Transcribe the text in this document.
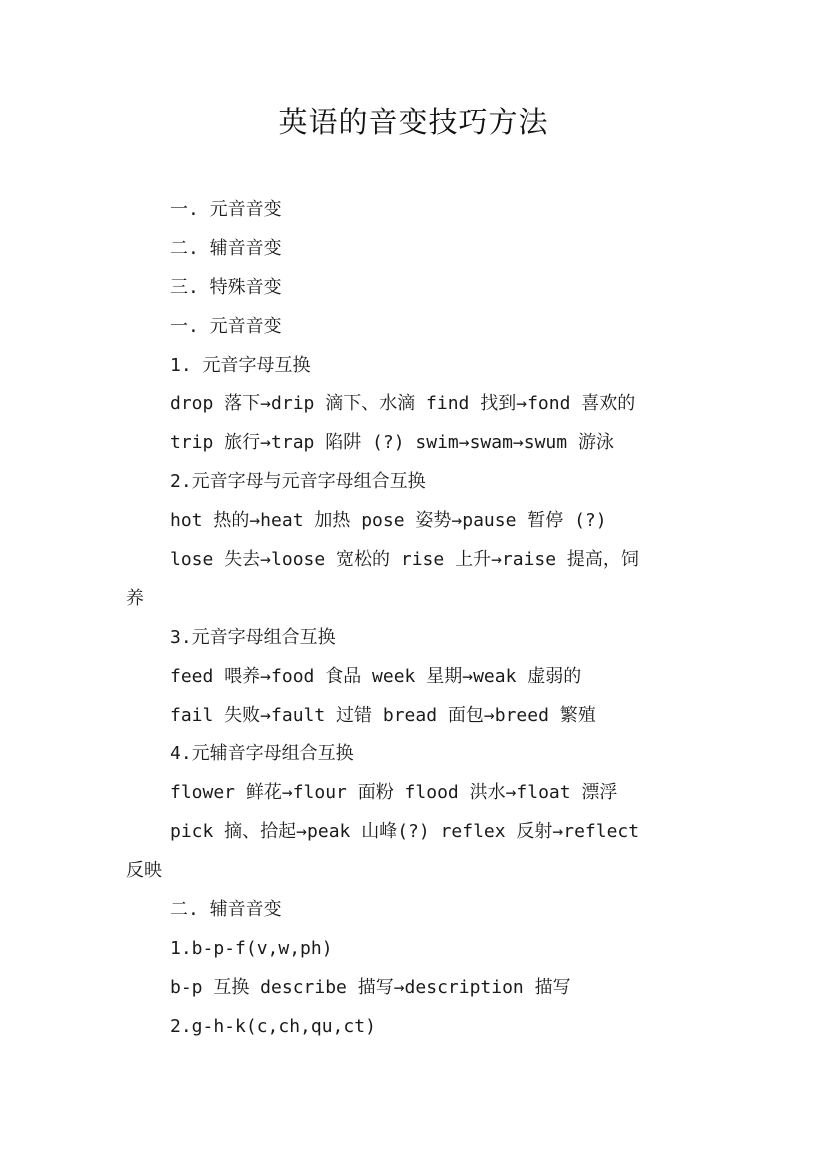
英语的音变技巧方法
一. 元音音变
二. 辅音音变
三. 特殊音变
一. 元音音变
1. 元音字母互换
drop 落下→drip 滴下、水滴 find 找到→fond 喜欢的
trip 旅行→trap 陷阱 (?) swim→swam→swum 游泳
2.元音字母与元音字母组合互换
hot 热的→heat 加热 pose 姿势→pause 暂停 (?)
lose 失去→loose 宽松的 rise 上升→raise 提高，饲
养
3.元音字母组合互换
feed 喂养→food 食品 week 星期→weak 虚弱的
fail 失败→fault 过错 bread 面包→breed 繁殖
4.元辅音字母组合互换
flower 鲜花→flour 面粉 flood 洪水→float 漂浮
pick 摘、拾起→peak 山峰(?) reflex 反射→reflect
反映
二. 辅音音变
1.b-p-f(v,w,ph)
b-p 互换 describe 描写→description 描写
2.g-h-k(c,ch,qu,ct)
